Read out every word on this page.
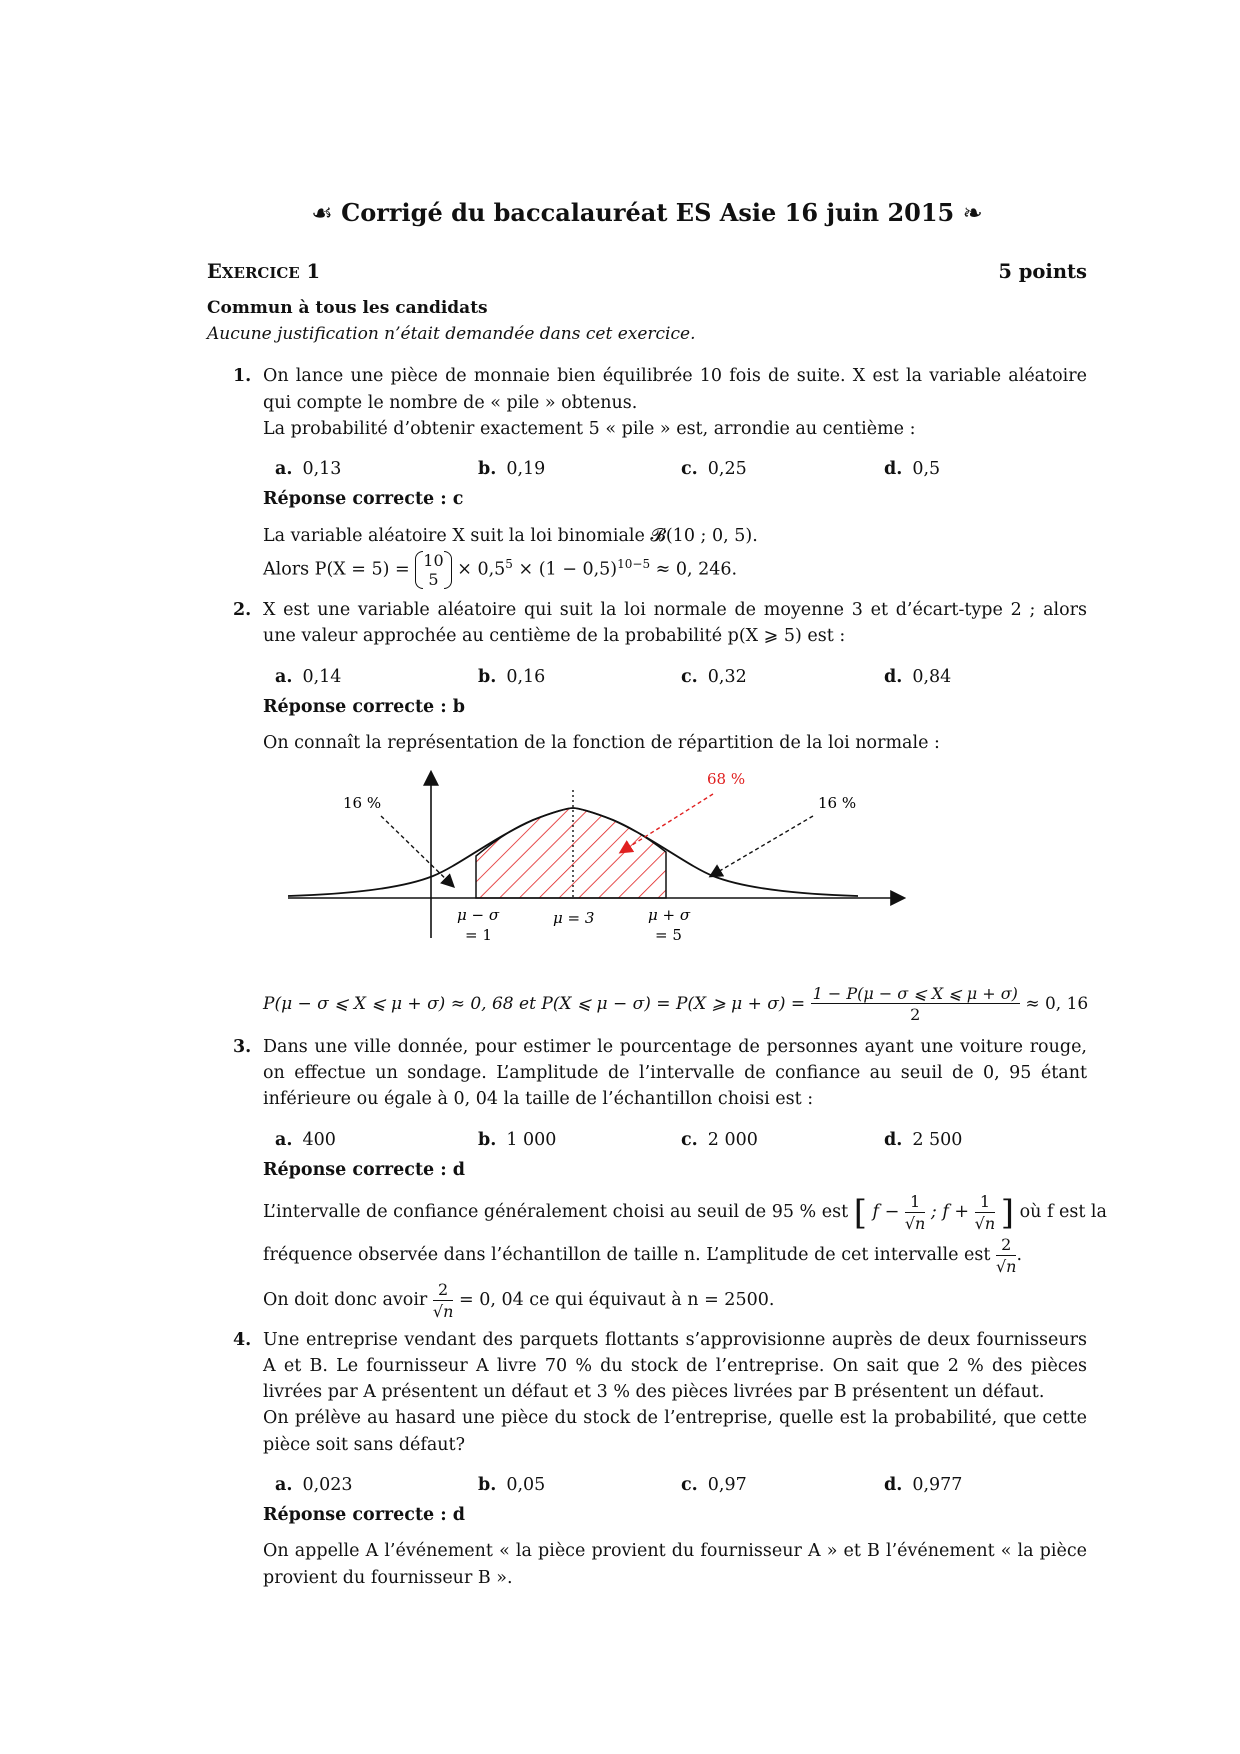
☙ Corrigé du baccalauréat ES Asie 16 juin 2015 ❧
EXERCICE 1	5 points
Commun à tous les candidats
Aucune justification n’était demandée dans cet exercice.
1. On lance une pièce de monnaie bien équilibrée 10 fois de suite. X est la variable aléatoire qui compte le nombre de « pile » obtenus.

La probabilité d’obtenir exactement 5 « pile » est, arrondie au centième :

a. 0,13	b. 0,19	c. 0,25	d. 0,5
Réponse correcte : c

La variable aléatoire X suit la loi binomiale 𝓑(10 ; 0, 5).

Alors P(X = 5) = 10
$5 \times 0,5^5 \times (1 - 0,5)^{10-5} \approx 0$, 246.

2. X est une variable aléatoire qui suit la loi normale de moyenne 3 et d’écart-type 2 ; alors une valeur approchée au centième de la probabilité p(X ⩾ 5) est :

a. 0,14	b. 0,16	c. 0,32	d. 0,84
Réponse correcte : b

On connaît la représentation de la fonction de répartition de la loi normale :

16 %	16 %
68 %
μ − σ
= 1
μ = 3	μ + σ
= 5

P(μ − σ ⩽ X ⩽ μ + σ) ≈ 0, 68 et P(X ⩽ μ − σ) = P(X ⩾ $\mu + \sigma) = \frac{1 - P(\mu - \sigma ⩽ X ⩽ \mu + \sigma)}{2} \approx 0$, 16

3. Dans une ville donnée, pour estimer le pourcentage de personnes ayant une voiture rouge, on effectue un sondage. L’amplitude de l’intervalle de confiance au seuil de 0, 95 étant inférieure ou égale à 0, 04 la taille de l’échantillon choisi est :

a. 400	b. 1 000	c. 2 000	d. 2 500
Réponse correcte : d

L’intervalle de confiance généralement choisi au seuil de 95 % est [ $f - \frac{1}{√n}$ ; $f + \frac{1}{√n}$ ] où f est la

fréquence observée dans l’échantillon de taille n. L’amplitude de cet intervalle est $\frac{2}{√n}$ .

On doit donc avoir $\frac{2}{√n} = 0$, 04 ce qui équivaut à n = 2500.

4. Une entreprise vendant des parquets flottants s’approvisionne auprès de deux fournisseurs A et B. Le fournisseur A livre 70 % du stock de l’entreprise. On sait que 2 % des pièces livrées par A présentent un défaut et 3 % des pièces livrées par B présentent un défaut.

On prélève au hasard une pièce du stock de l’entreprise, quelle est la probabilité, que cette pièce soit sans défaut?

a. 0,023	b. 0,05	c. 0,97	d. 0,977
Réponse correcte : d

On appelle A l’événement « la pièce provient du fournisseur A » et B l’événement « la pièce provient du fournisseur B ».
